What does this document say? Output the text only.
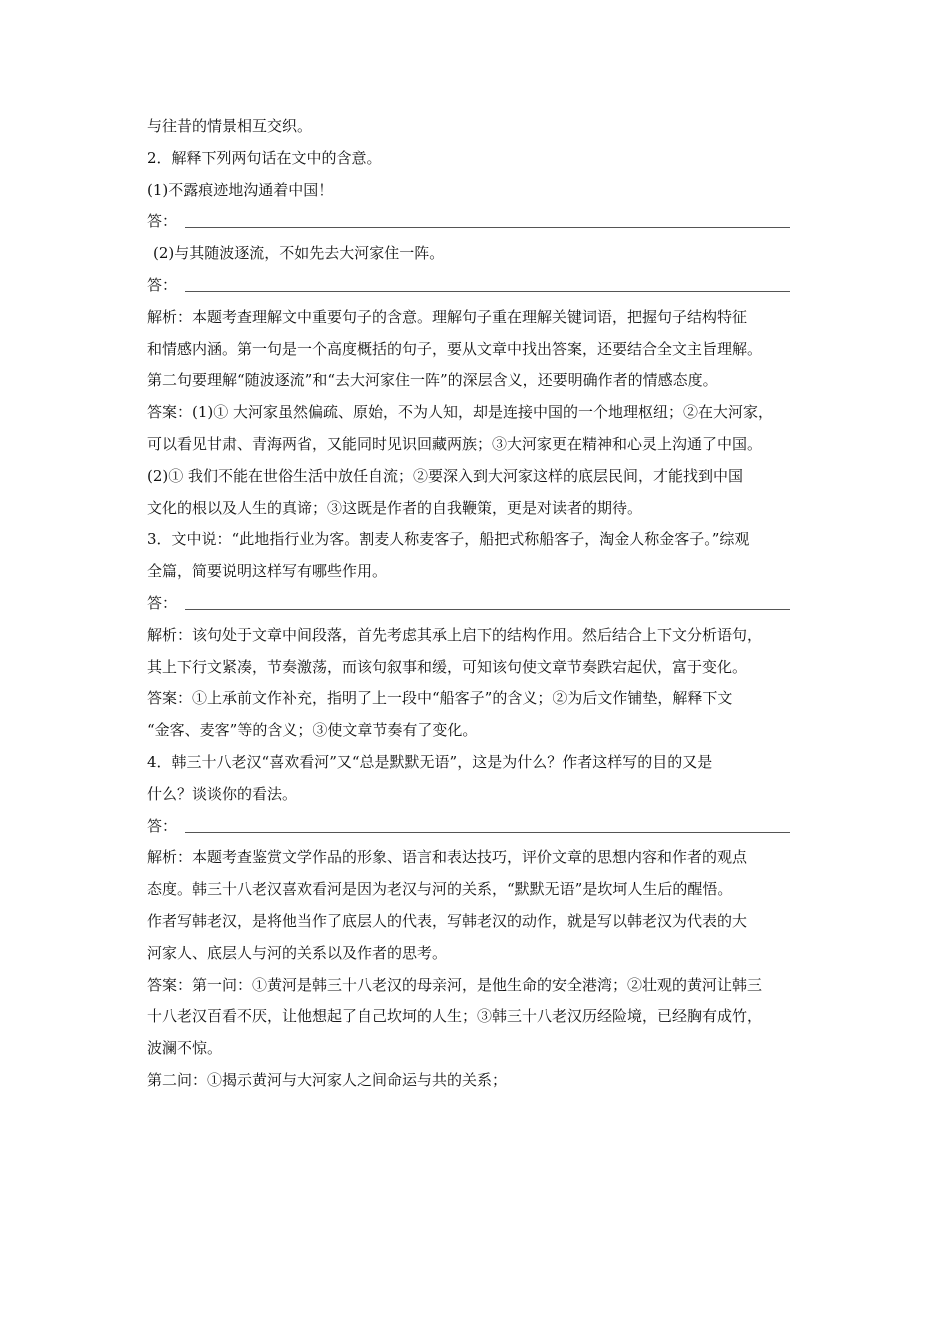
与往昔的情景相互交织。
2．解释下列两句话在文中的含意。
(1)不露痕迹地沟通着中国！
答：
(2)与其随波逐流，不如先去大河家住一阵。
答：
解析：本题考查理解文中重要句子的含意。理解句子重在理解关键词语，把握句子结构特征
和情感内涵。第一句是一个高度概括的句子，要从文章中找出答案，还要结合全文主旨理解。
第二句要理解“随波逐流”和“去大河家住一阵”的深层含义，还要明确作者的情感态度。
答案：(1)① 大河家虽然偏疏、原始，不为人知，却是连接中国的一个地理枢纽；②在大河家，
可以看见甘肃、青海两省，又能同时见识回藏两族；③大河家更在精神和心灵上沟通了中国。
(2)① 我们不能在世俗生活中放任自流；②要深入到大河家这样的底层民间，才能找到中国
文化的根以及人生的真谛；③这既是作者的自我鞭策，更是对读者的期待。
3．文中说：“此地指行业为客。割麦人称麦客子，船把式称船客子，淘金人称金客子。”综观
全篇，简要说明这样写有哪些作用。
答：
解析：该句处于文章中间段落，首先考虑其承上启下的结构作用。然后结合上下文分析语句，
其上下行文紧凑，节奏激荡，而该句叙事和缓，可知该句使文章节奏跌宕起伏，富于变化。
答案：①上承前文作补充，指明了上一段中“船客子”的含义；②为后文作铺垫，解释下文
“金客、麦客”等的含义；③使文章节奏有了变化。
4．韩三十八老汉“喜欢看河”又“总是默默无语”，这是为什么？作者这样写的目的又是
什么？谈谈你的看法。
答：
解析：本题考查鉴赏文学作品的形象、语言和表达技巧，评价文章的思想内容和作者的观点
态度。韩三十八老汉喜欢看河是因为老汉与河的关系，“默默无语”是坎坷人生后的醒悟。
作者写韩老汉，是将他当作了底层人的代表，写韩老汉的动作，就是写以韩老汉为代表的大
河家人、底层人与河的关系以及作者的思考。
答案：第一问：①黄河是韩三十八老汉的母亲河，是他生命的安全港湾；②壮观的黄河让韩三
十八老汉百看不厌，让他想起了自己坎坷的人生；③韩三十八老汉历经险境，已经胸有成竹，
波澜不惊。
第二问：①揭示黄河与大河家人之间命运与共的关系；
